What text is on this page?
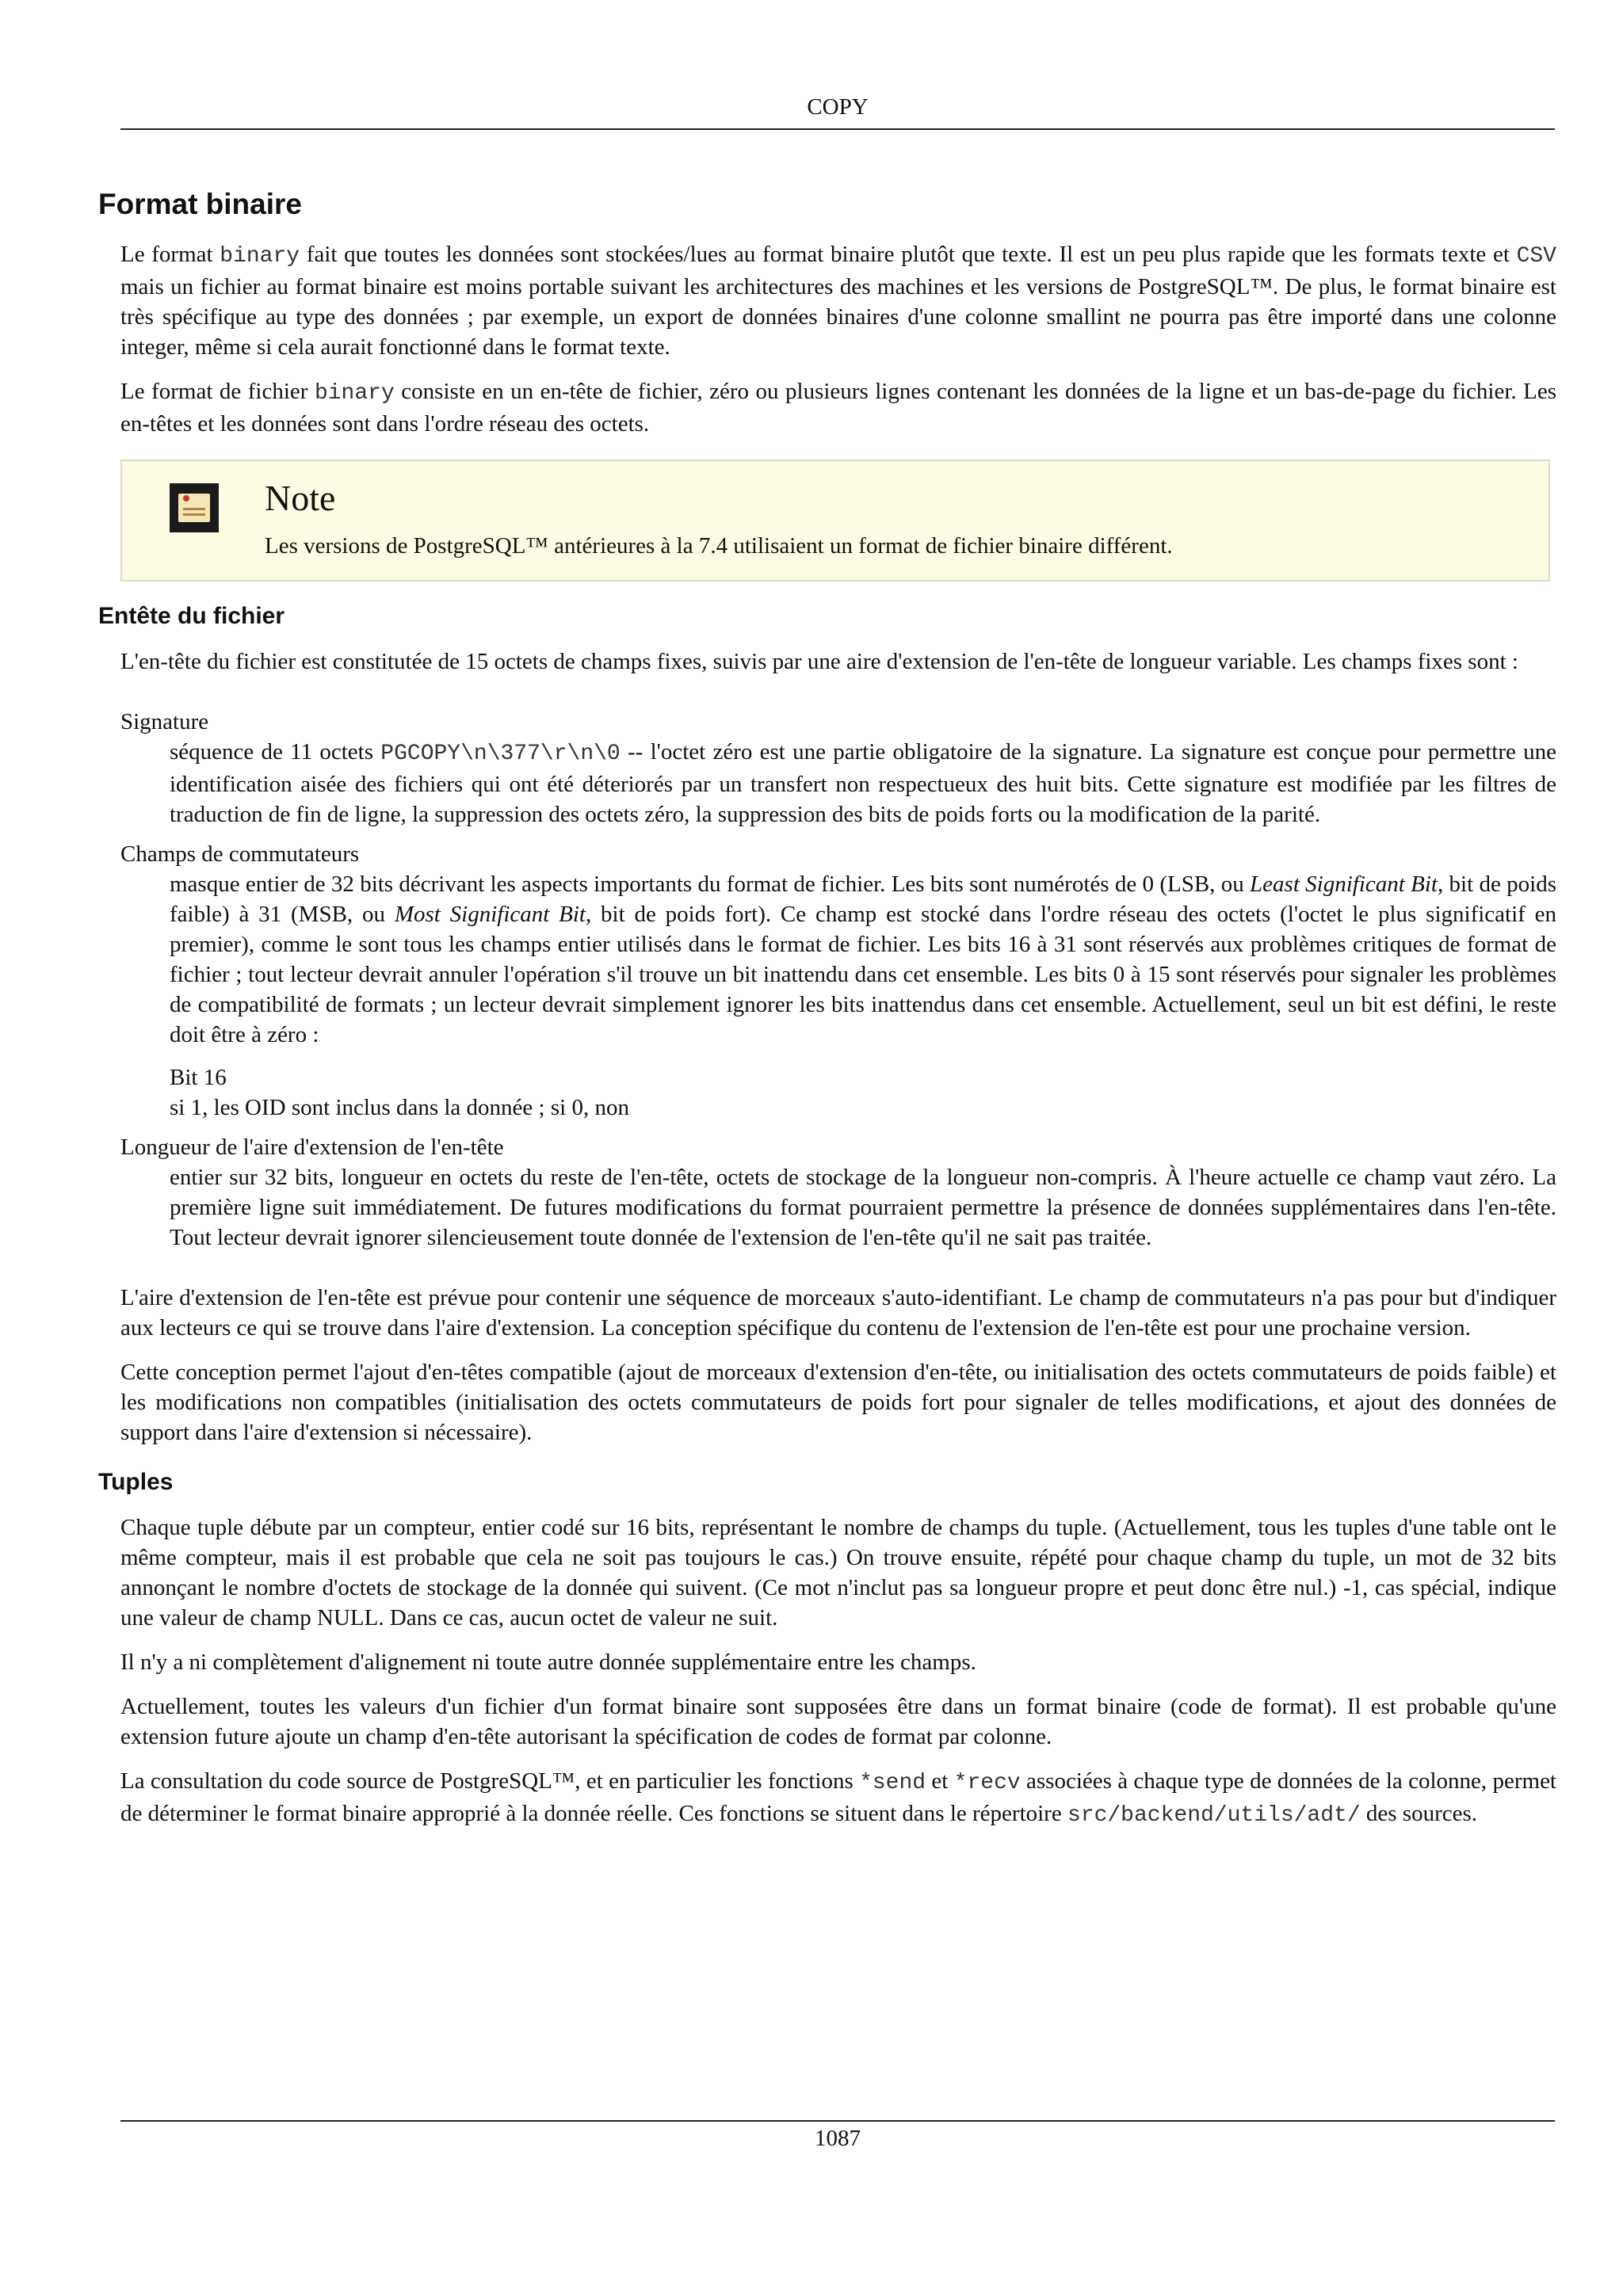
COPY
Format binaire

Le format binary fait que toutes les données sont stockées/lues au format binaire plutôt que texte. Il est un peu plus rapide que les formats texte et CSV mais un fichier au format binaire est moins portable suivant les architectures des machines et les versions de PostgreSQL™. De plus, le format binaire est très spécifique au type des données ; par exemple, un export de données binaires d'une colonne smallint ne pourra pas être importé dans une colonne integer, même si cela aurait fonctionné dans le format texte.

Le format de fichier binary consiste en un en-tête de fichier, zéro ou plusieurs lignes contenant les données de la ligne et un bas-de-page du fichier. Les en-têtes et les données sont dans l'ordre réseau des octets.

Note

Les versions de PostgreSQL™ antérieures à la 7.4 utilisaient un format de fichier binaire différent.

Entête du fichier

L'en-tête du fichier est constitutée de 15 octets de champs fixes, suivis par une aire d'extension de l'en-tête de longueur variable. Les champs fixes sont :

Signature

séquence de 11 octets PGCOPY\n\377\r\n\0 -- l'octet zéro est une partie obligatoire de la signature. La signature est conçue pour permettre une identification aisée des fichiers qui ont été déteriorés par un transfert non respectueux des huit bits. Cette signature est modifiée par les filtres de traduction de fin de ligne, la suppression des octets zéro, la suppression des bits de poids forts ou la modification de la parité.

Champs de commutateurs

masque entier de 32 bits décrivant les aspects importants du format de fichier. Les bits sont numérotés de 0 (LSB, ou Least Significant Bit, bit de poids faible) à 31 (MSB, ou Most Significant Bit, bit de poids fort). Ce champ est stocké dans l'ordre réseau des octets (l'octet le plus significatif en premier), comme le sont tous les champs entier utilisés dans le format de fichier. Les bits 16 à 31 sont réservés aux problèmes critiques de format de fichier ; tout lecteur devrait annuler l'opération s'il trouve un bit inattendu dans cet ensemble. Les bits 0 à 15 sont réservés pour signaler les problèmes de compatibilité de formats ; un lecteur devrait simplement ignorer les bits inattendus dans cet ensemble. Actuellement, seul un bit est défini, le reste doit être à zéro :

Bit 16

si 1, les OID sont inclus dans la donnée ; si 0, non

Longueur de l'aire d'extension de l'en-tête

entier sur 32 bits, longueur en octets du reste de l'en-tête, octets de stockage de la longueur non-compris. À l'heure actuelle ce champ vaut zéro. La première ligne suit immédiatement. De futures modifications du format pourraient permettre la présence de données supplémentaires dans l'en-tête. Tout lecteur devrait ignorer silencieusement toute donnée de l'extension de l'en-tête qu'il ne sait pas traitée.

L'aire d'extension de l'en-tête est prévue pour contenir une séquence de morceaux s'auto-identifiant. Le champ de commutateurs n'a pas pour but d'indiquer aux lecteurs ce qui se trouve dans l'aire d'extension. La conception spécifique du contenu de l'extension de l'en-tête est pour une prochaine version.

Cette conception permet l'ajout d'en-têtes compatible (ajout de morceaux d'extension d'en-tête, ou initialisation des octets commutateurs de poids faible) et les modifications non compatibles (initialisation des octets commutateurs de poids fort pour signaler de telles modifications, et ajout des données de support dans l'aire d'extension si nécessaire).

Tuples

Chaque tuple débute par un compteur, entier codé sur 16 bits, représentant le nombre de champs du tuple. (Actuellement, tous les tuples d'une table ont le même compteur, mais il est probable que cela ne soit pas toujours le cas.) On trouve ensuite, répété pour chaque champ du tuple, un mot de 32 bits annonçant le nombre d'octets de stockage de la donnée qui suivent. (Ce mot n'inclut pas sa longueur propre et peut donc être nul.) -1, cas spécial, indique une valeur de champ NULL. Dans ce cas, aucun octet de valeur ne suit.

Il n'y a ni complètement d'alignement ni toute autre donnée supplémentaire entre les champs.

Actuellement, toutes les valeurs d'un fichier d'un format binaire sont supposées être dans un format binaire (code de format). Il est probable qu'une extension future ajoute un champ d'en-tête autorisant la spécification de codes de format par colonne.

La consultation du code source de PostgreSQL™, et en particulier les fonctions *send et *recv associées à chaque type de données de la colonne, permet de déterminer le format binaire approprié à la donnée réelle. Ces fonctions se situent dans le répertoire src/backend/utils/adt/ des sources.

1087
